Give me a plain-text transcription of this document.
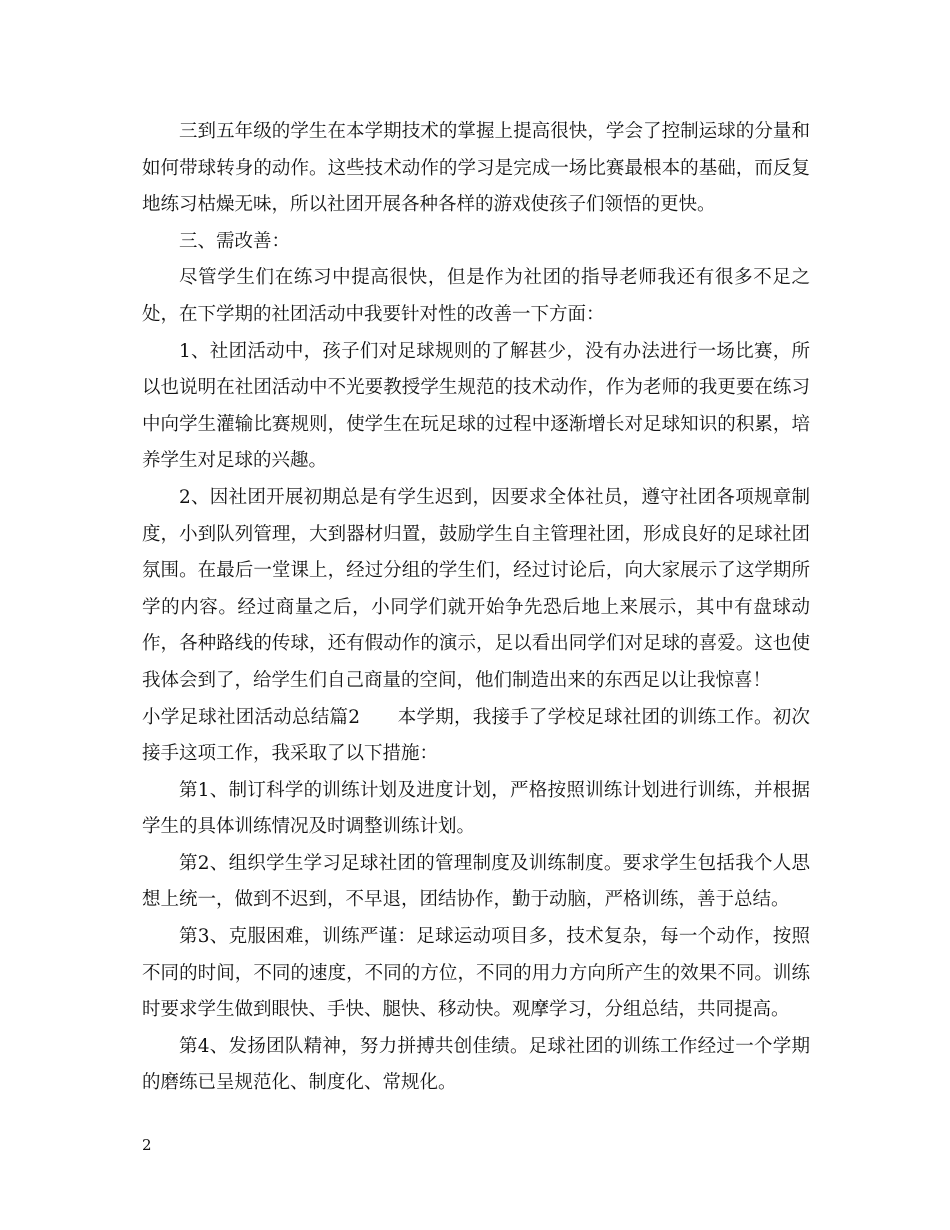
三到五年级的学生在本学期技术的掌握上提高很快，学会了控制运球的分量和如何带球转身的动作。这些技术动作的学习是完成一场比赛最根本的基础，而反复地练习枯燥无味，所以社团开展各种各样的游戏使孩子们领悟的更快。

三、需改善：

尽管学生们在练习中提高很快，但是作为社团的指导老师我还有很多不足之处，在下学期的社团活动中我要针对性的改善一下方面：

1、社团活动中，孩子们对足球规则的了解甚少，没有办法进行一场比赛，所以也说明在社团活动中不光要教授学生规范的技术动作，作为老师的我更要在练习中向学生灌输比赛规则，使学生在玩足球的过程中逐渐增长对足球知识的积累，培养学生对足球的兴趣。

2、因社团开展初期总是有学生迟到，因要求全体社员，遵守社团各项规章制度，小到队列管理，大到器材归置，鼓励学生自主管理社团，形成良好的足球社团氛围。在最后一堂课上，经过分组的学生们，经过讨论后，向大家展示了这学期所学的内容。经过商量之后，小同学们就开始争先恐后地上来展示，其中有盘球动作，各种路线的传球，还有假动作的演示，足以看出同学们对足球的喜爱。这也使我体会到了，给学生们自己商量的空间，他们制造出来的东西足以让我惊喜！

小学足球社团活动总结篇2　　本学期，我接手了学校足球社团的训练工作。初次接手这项工作，我采取了以下措施：

第1、制订科学的训练计划及进度计划，严格按照训练计划进行训练，并根据学生的具体训练情况及时调整训练计划。

第2、组织学生学习足球社团的管理制度及训练制度。要求学生包括我个人思想上统一，做到不迟到，不早退，团结协作，勤于动脑，严格训练，善于总结。

第3、克服困难，训练严谨：足球运动项目多，技术复杂，每一个动作，按照不同的时间，不同的速度，不同的方位，不同的用力方向所产生的效果不同。训练时要求学生做到眼快、手快、腿快、移动快。观摩学习，分组总结，共同提高。

第4、发扬团队精神，努力拼搏共创佳绩。足球社团的训练工作经过一个学期的磨练已呈规范化、制度化、常规化。

2
